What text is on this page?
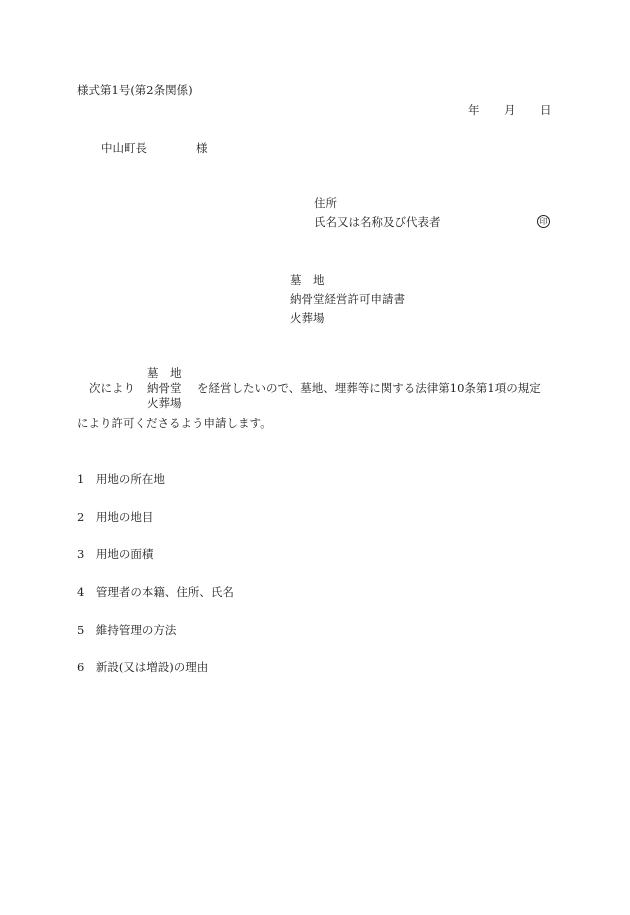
様式第1号(第2条関係)
年 月 日
中山町長	様
住所
氏名又は名称及び代表者	印
墓　地
納骨堂経営許可申請書
火葬場
墓　地
次により 納骨堂 を経営したいので、墓地、埋葬等に関する法律第10条第1項の規定
火葬場
により許可くださるよう申請します。
1　用地の所在地
2　用地の地目
3　用地の面積
4　管理者の本籍、住所、氏名
5　維持管理の方法
6　新設(又は増設)の理由
